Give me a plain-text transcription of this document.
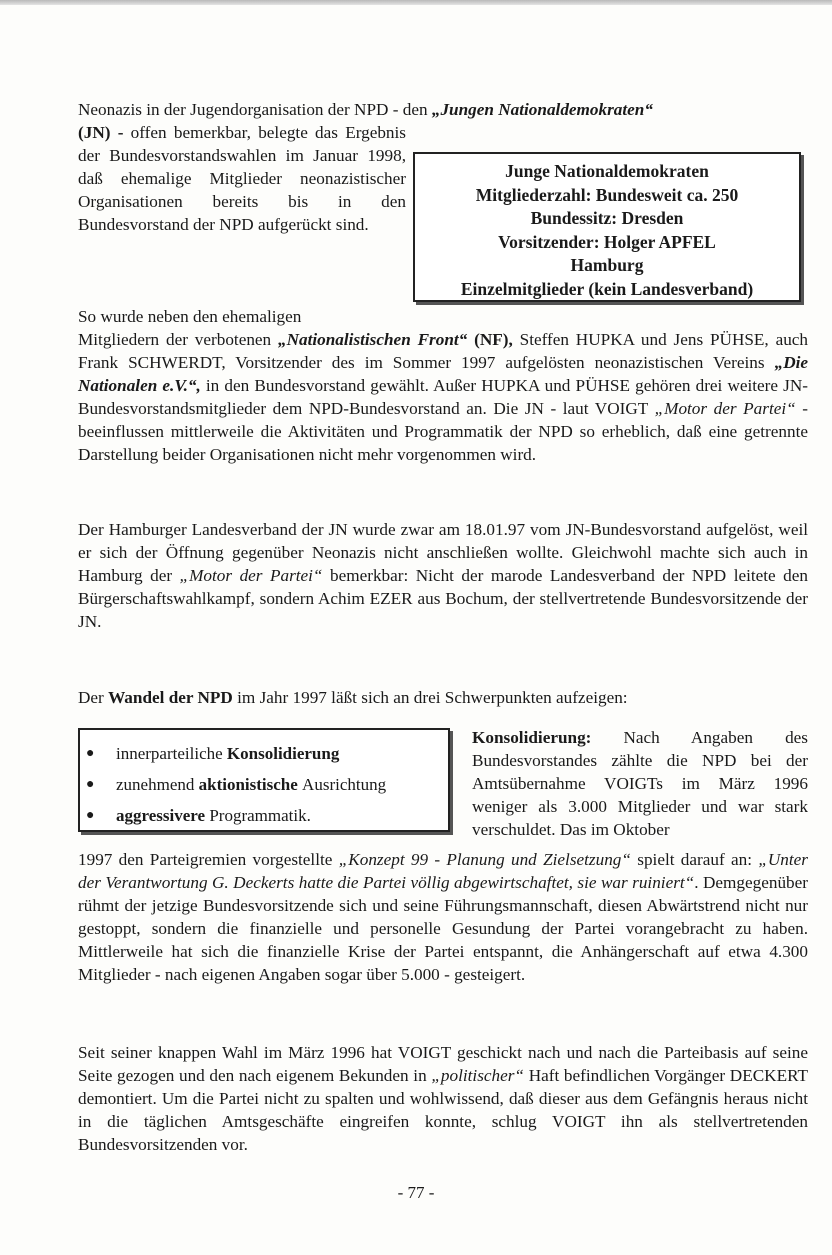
Neonazis in der Jugendorganisation der NPD - den „Jungen Nationaldemokraten“

(JN) - offen bemerkbar, belegte das Ergebnis der Bundesvorstandswahlen im Januar 1998, daß ehemalige Mitglieder neonazistischer Organisationen bereits bis in den Bundesvorstand der NPD aufgerückt sind.

Junge Nationaldemokraten
Mitgliederzahl: Bundesweit ca. 250
Bundessitz: Dresden
Vorsitzender: Holger APFEL
Hamburg
Einzelmitglieder (kein Landesverband)

So wurde neben den ehemaligen

Mitgliedern der verbotenen „Nationalistischen Front“ (NF), Steffen HUPKA und Jens PÜHSE, auch Frank SCHWERDT, Vorsitzender des im Sommer 1997 aufgelösten neonazistischen Vereins „Die Nationalen e.V.“, in den Bundesvorstand gewählt. Außer HUPKA und PÜHSE gehören drei weitere JN-Bundesvorstandsmitglieder dem NPD-Bundesvorstand an. Die JN - laut VOIGT „Motor der Partei“ - beeinflussen mittlerweile die Aktivitäten und Programmatik der NPD so erheblich, daß eine getrennte Darstellung beider Organisationen nicht mehr vorgenommen wird.

Der Hamburger Landesverband der JN wurde zwar am 18.01.97 vom JN-Bundesvorstand aufgelöst, weil er sich der Öffnung gegenüber Neonazis nicht anschließen wollte. Gleichwohl machte sich auch in Hamburg der „Motor der Partei“ bemerkbar: Nicht der marode Landesverband der NPD leitete den Bürgerschaftswahlkampf, sondern Achim EZER aus Bochum, der stellvertretende Bundesvorsitzende der JN.

Der Wandel der NPD im Jahr 1997 läßt sich an drei Schwerpunkten aufzeigen:

●	innerparteiliche
Konsolidierung
●	zunehmend
aktionistische
Ausrichtung
●	aggressivere
Programmatik.

Konsolidierung: Nach Angaben des Bundesvorstandes zählte die NPD bei der Amtsübernahme VOIGTs im März 1996 weniger als 3.000 Mitglieder und war stark verschuldet. Das im Oktober

1997 den Parteigremien vorgestellte „Konzept 99 - Planung und Zielsetzung“ spielt darauf an: „Unter der Verantwortung G. Deckerts hatte die Partei völlig abgewirtschaftet, sie war ruiniert“. Demgegenüber rühmt der jetzige Bundesvorsitzende sich und seine Führungsmannschaft, diesen Abwärtstrend nicht nur gestoppt, sondern die finanzielle und personelle Gesundung der Partei vorangebracht zu haben. Mittlerweile hat sich die finanzielle Krise der Partei entspannt, die Anhängerschaft auf etwa 4.300 Mitglieder - nach eigenen Angaben sogar über 5.000 - gesteigert.

Seit seiner knappen Wahl im März 1996 hat VOIGT geschickt nach und nach die Parteibasis auf seine Seite gezogen und den nach eigenem Bekunden in „politischer“ Haft befindlichen Vorgänger DECKERT demontiert. Um die Partei nicht zu spalten und wohlwissend, daß dieser aus dem Gefängnis heraus nicht in die täglichen Amtsgeschäfte eingreifen konnte, schlug VOIGT ihn als stellvertretenden Bundesvorsitzenden vor.

- 77 -
